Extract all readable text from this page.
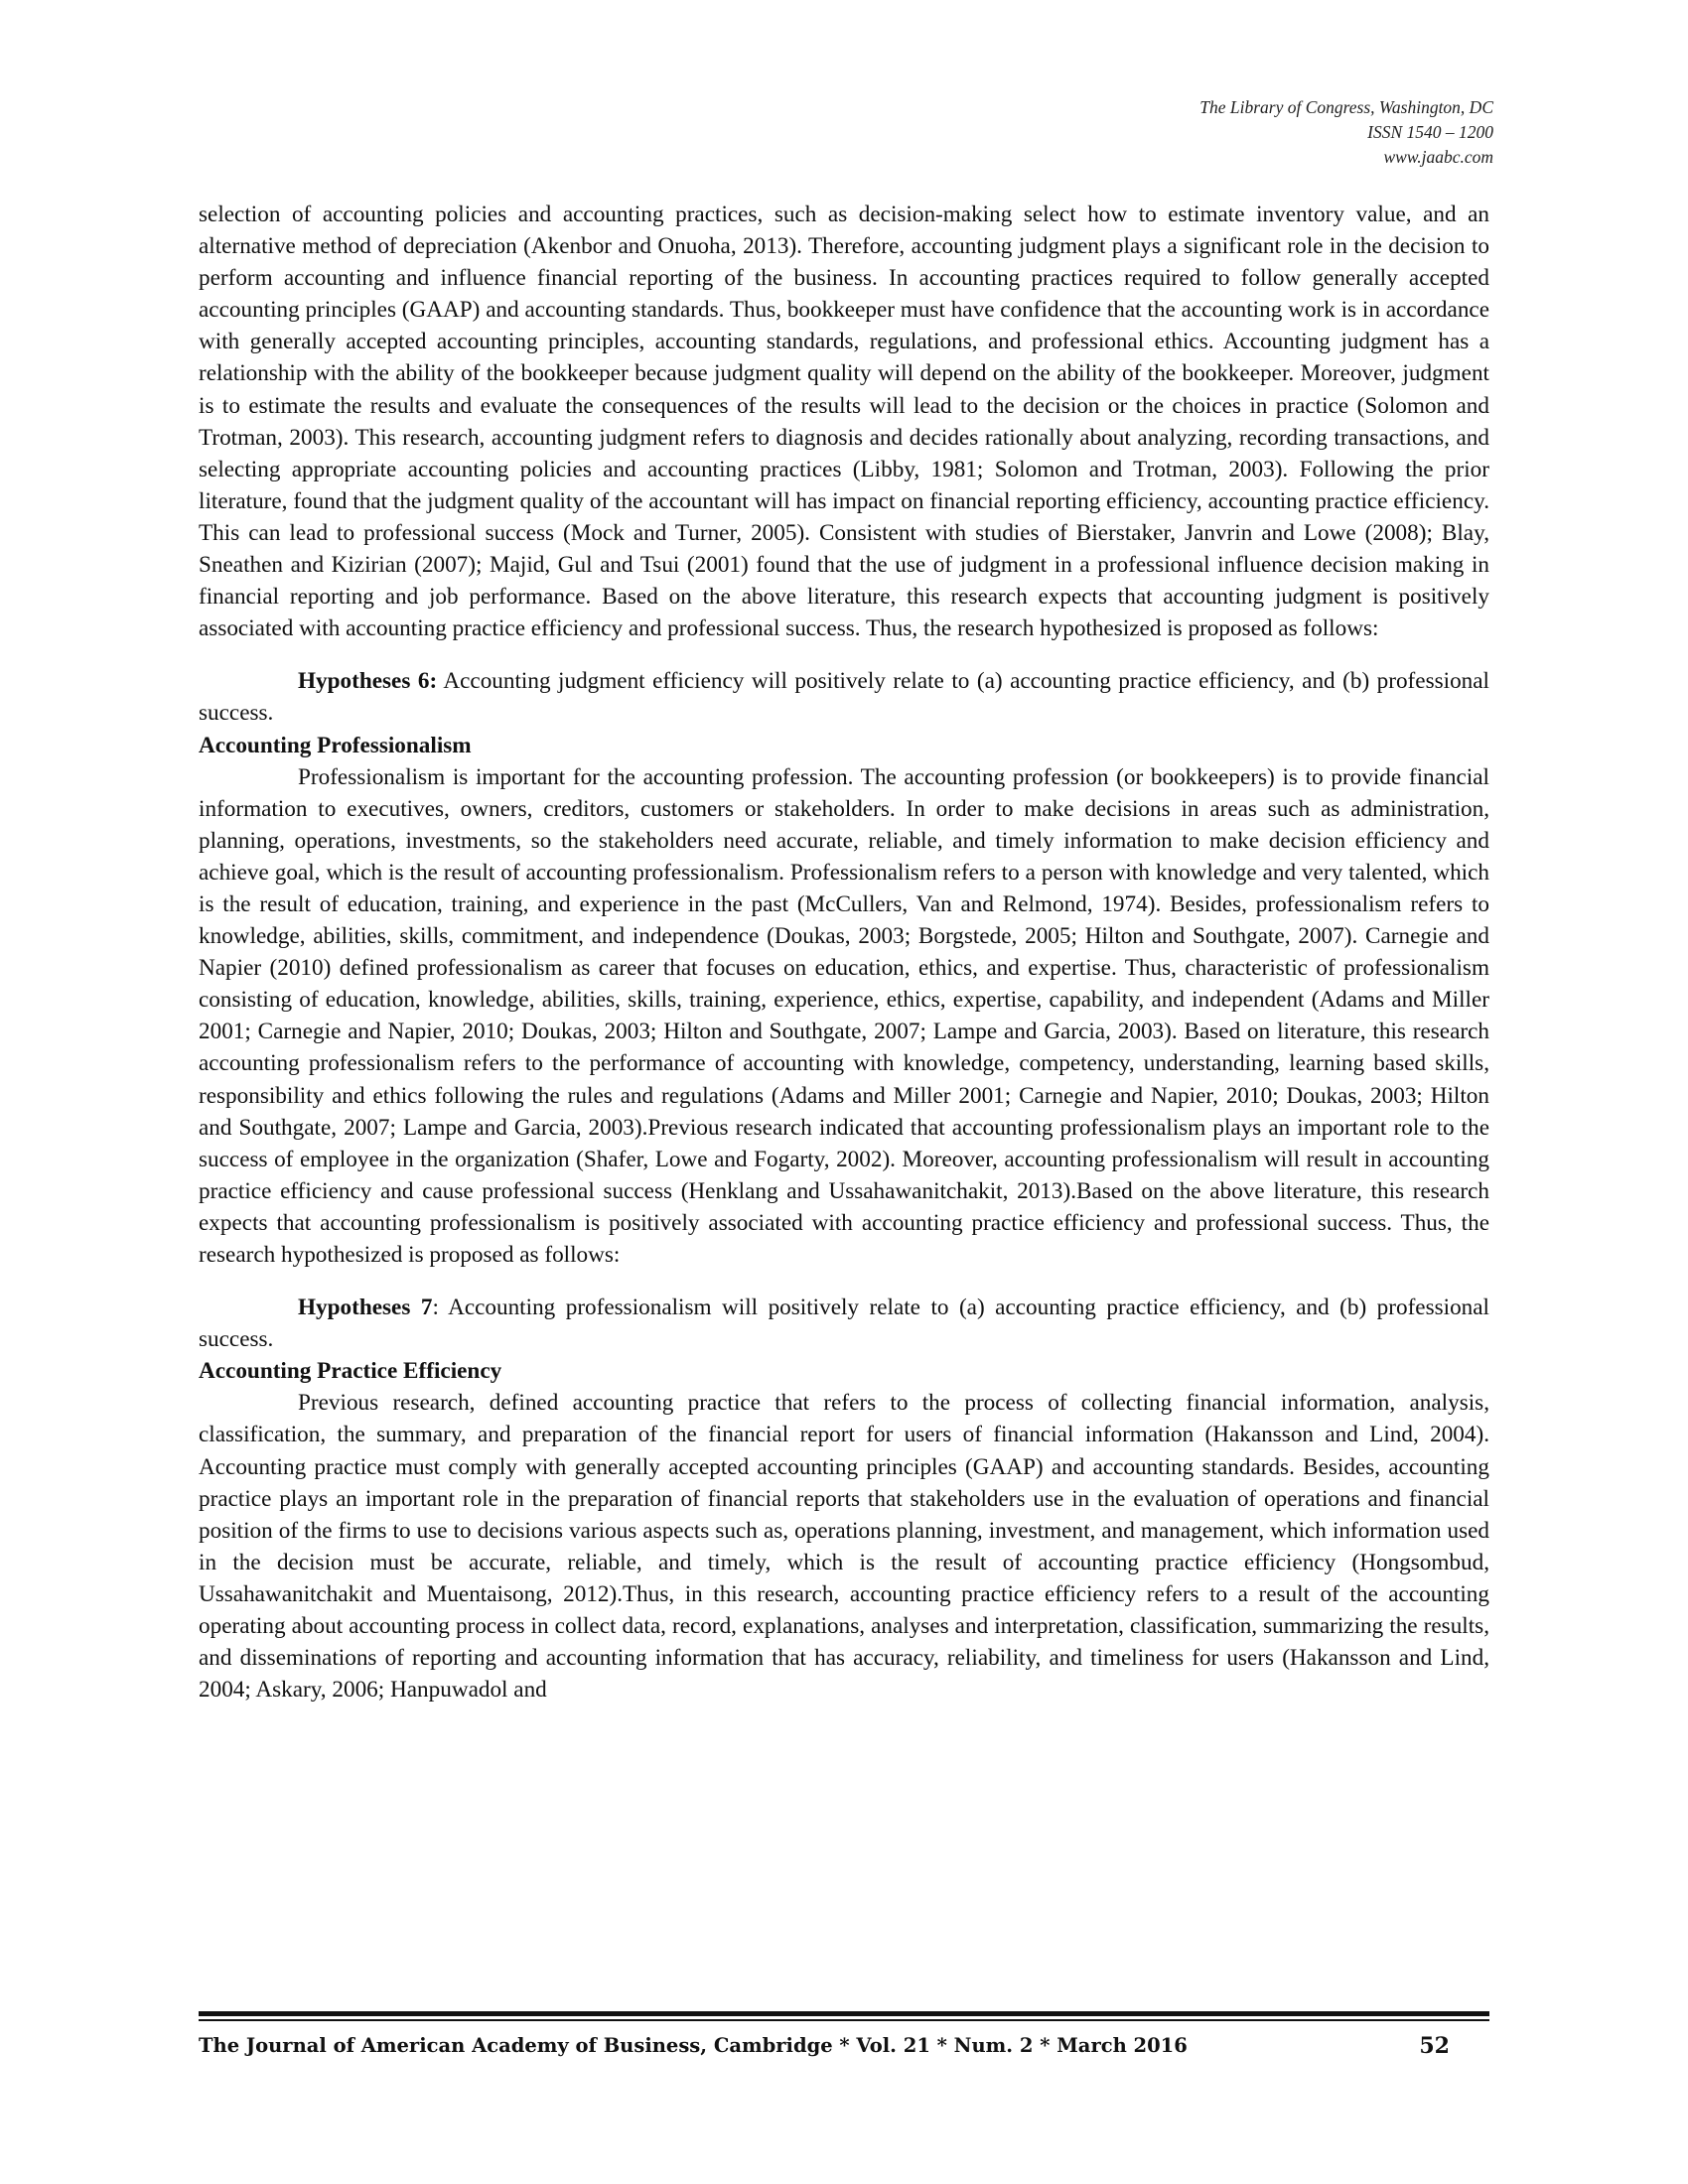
The Library of Congress, Washington, DC
ISSN 1540 – 1200
www.jaabc.com

selection of accounting policies and accounting practices, such as decision-making select how to estimate inventory value, and an alternative method of depreciation (Akenbor and Onuoha, 2013). Therefore, accounting judgment plays a significant role in the decision to perform accounting and influence financial reporting of the business. In accounting practices required to follow generally accepted accounting principles (GAAP) and accounting standards. Thus, bookkeeper must have confidence that the accounting work is in accordance with generally accepted accounting principles, accounting standards, regulations, and professional ethics. Accounting judgment has a relationship with the ability of the bookkeeper because judgment quality will depend on the ability of the bookkeeper. Moreover, judgment is to estimate the results and evaluate the consequences of the results will lead to the decision or the choices in practice (Solomon and Trotman, 2003). This research, accounting judgment refers to diagnosis and decides rationally about analyzing, recording transactions, and selecting appropriate accounting policies and accounting practices (Libby, 1981; Solomon and Trotman, 2003). Following the prior literature, found that the judgment quality of the accountant will has impact on financial reporting efficiency, accounting practice efficiency. This can lead to professional success (Mock and Turner, 2005). Consistent with studies of Bierstaker, Janvrin and Lowe (2008); Blay, Sneathen and Kizirian (2007); Majid, Gul and Tsui (2001) found that the use of judgment in a professional influence decision making in financial reporting and job performance. Based on the above literature, this research expects that accounting judgment is positively associated with accounting practice efficiency and professional success. Thus, the research hypothesized is proposed as follows:

Hypotheses 6: Accounting judgment efficiency will positively relate to (a) accounting practice efficiency, and (b) professional success.

Accounting Professionalism

Professionalism is important for the accounting profession. The accounting profession (or bookkeepers) is to provide financial information to executives, owners, creditors, customers or stakeholders. In order to make decisions in areas such as administration, planning, operations, investments, so the stakeholders need accurate, reliable, and timely information to make decision efficiency and achieve goal, which is the result of accounting professionalism. Professionalism refers to a person with knowledge and very talented, which is the result of education, training, and experience in the past (McCullers, Van and Relmond, 1974). Besides, professionalism refers to knowledge, abilities, skills, commitment, and independence (Doukas, 2003; Borgstede, 2005; Hilton and Southgate, 2007). Carnegie and Napier (2010) defined professionalism as career that focuses on education, ethics, and expertise. Thus, characteristic of professionalism consisting of education, knowledge, abilities, skills, training, experience, ethics, expertise, capability, and independent (Adams and Miller 2001; Carnegie and Napier, 2010; Doukas, 2003; Hilton and Southgate, 2007; Lampe and Garcia, 2003). Based on literature, this research accounting professionalism refers to the performance of accounting with knowledge, competency, understanding, learning based skills, responsibility and ethics following the rules and regulations (Adams and Miller 2001; Carnegie and Napier, 2010; Doukas, 2003; Hilton and Southgate, 2007; Lampe and Garcia, 2003).Previous research indicated that accounting professionalism plays an important role to the success of employee in the organization (Shafer, Lowe and Fogarty, 2002). Moreover, accounting professionalism will result in accounting practice efficiency and cause professional success (Henklang and Ussahawanitchakit, 2013).Based on the above literature, this research expects that accounting professionalism is positively associated with accounting practice efficiency and professional success. Thus, the research hypothesized is proposed as follows:

Hypotheses 7: Accounting professionalism will positively relate to (a) accounting practice efficiency, and (b) professional success.

Accounting Practice Efficiency

Previous research, defined accounting practice that refers to the process of collecting financial information, analysis, classification, the summary, and preparation of the financial report for users of financial information (Hakansson and Lind, 2004). Accounting practice must comply with generally accepted accounting principles (GAAP) and accounting standards. Besides, accounting practice plays an important role in the preparation of financial reports that stakeholders use in the evaluation of operations and financial position of the firms to use to decisions various aspects such as, operations planning, investment, and management, which information used in the decision must be accurate, reliable, and timely, which is the result of accounting practice efficiency (Hongsombud, Ussahawanitchakit and Muentaisong, 2012).Thus, in this research, accounting practice efficiency refers to a result of the accounting operating about accounting process in collect data, record, explanations, analyses and interpretation, classification, summarizing the results, and disseminations of reporting and accounting information that has accuracy, reliability, and timeliness for users (Hakansson and Lind, 2004; Askary, 2006; Hanpuwadol and

The Journal of American Academy of Business, Cambridge * Vol. 21 * Num. 2 * March 2016	52
